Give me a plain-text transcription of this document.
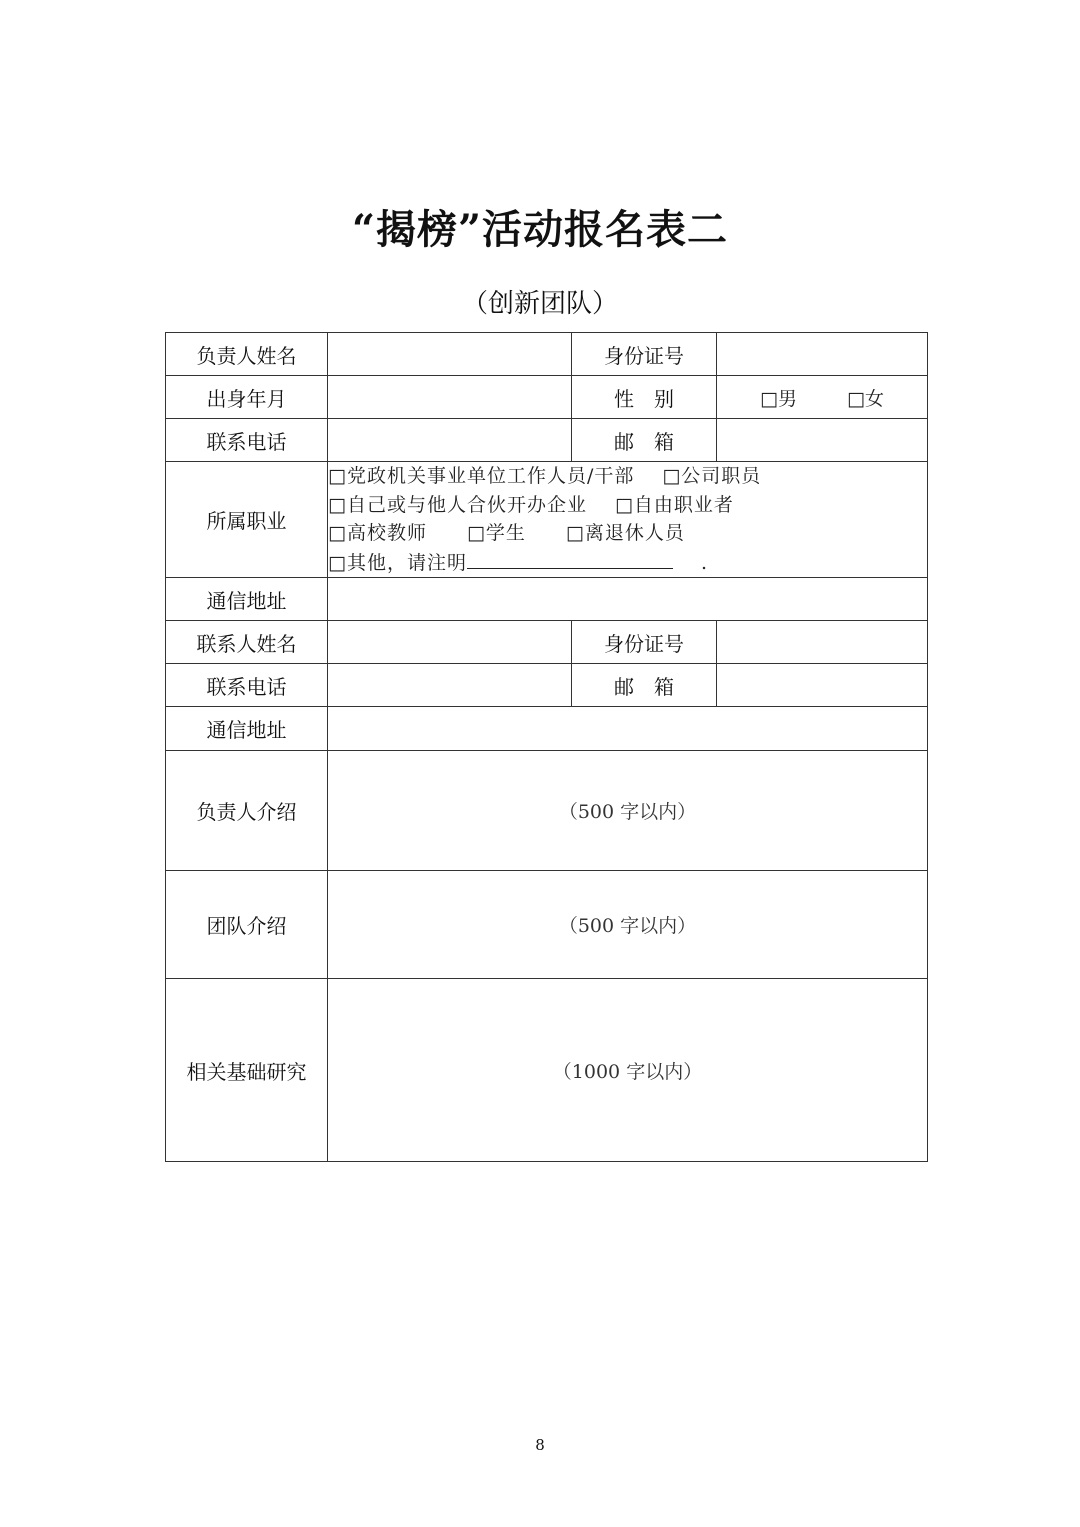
“揭榜”活动报名表二
（创新团队）
负责人姓名		身份证号	
出身年月		性　别	□男 □女
联系电话		邮　箱	
所属职业	□党政机关事业单位工作人员/干部 □公司职员
□自己或与他人合伙开办企业 □自由职业者
□高校教师 □学生 □离退休人员
□其他，请注明 .		

通信地址			
联系人姓名		身份证号	
联系电话		邮　箱	
通信地址			
负责人介绍	（500 字以内）		
团队介绍	（500 字以内）		
相关基础研究	（1000 字以内）		
8
